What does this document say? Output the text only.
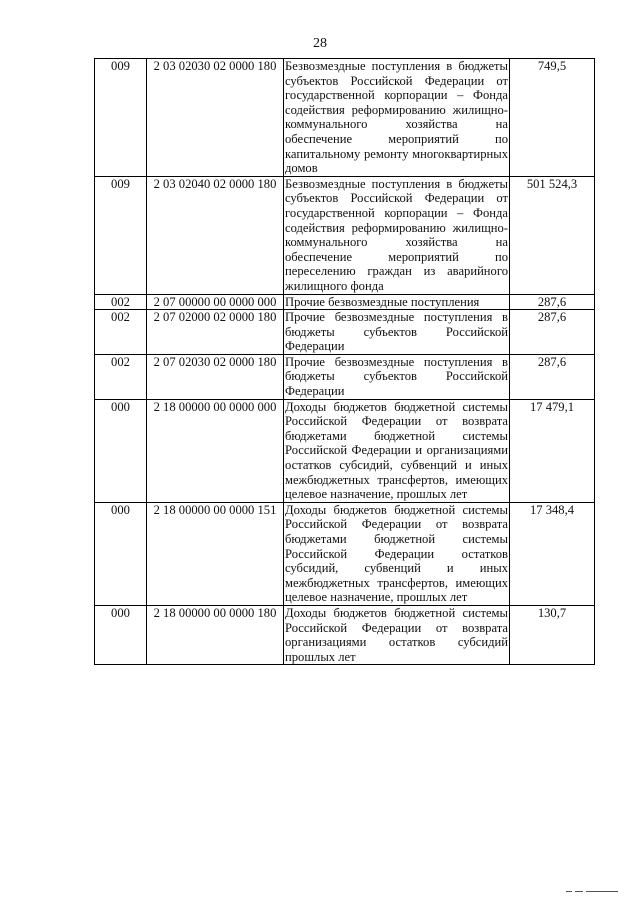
28
009	2 03 02030 02 0000 180	Безвозмездные поступления в бюджеты субъектов Российской Федерации от государственной корпорации – Фонда содействия реформированию жилищно-коммунального хозяйства на обеспечение мероприятий по капитальному ремонту многоквартирных домов	749,5
009	2 03 02040 02 0000 180	Безвозмездные поступления в бюджеты субъектов Российской Федерации от государственной корпорации – Фонда содействия реформированию жилищно-коммунального хозяйства на обеспечение мероприятий по переселению граждан из аварийного жилищного фонда	501 524,3
002	2 07 00000 00 0000 000	Прочие безвозмездные поступления	287,6
002	2 07 02000 02 0000 180	Прочие безвозмездные поступления в бюджеты субъектов Российской Федерации	287,6
002	2 07 02030 02 0000 180	Прочие безвозмездные поступления в бюджеты субъектов Российской Федерации	287,6
000	2 18 00000 00 0000 000	Доходы бюджетов бюджетной системы Российской Федерации от возврата бюджетами бюджетной системы Российской Федерации и организациями остатков субсидий, субвенций и иных межбюджетных трансфертов, имеющих целевое назначение, прошлых лет	17 479,1
000	2 18 00000 00 0000 151	Доходы бюджетов бюджетной системы Российской Федерации от возврата бюджетами бюджетной системы Российской Федерации остатков субсидий, субвенций и иных межбюджетных трансфертов, имеющих целевое назначение, прошлых лет	17 348,4
000	2 18 00000 00 0000 180	Доходы бюджетов бюджетной системы Российской Федерации от возврата организациями остатков субсидий прошлых лет	130,7
